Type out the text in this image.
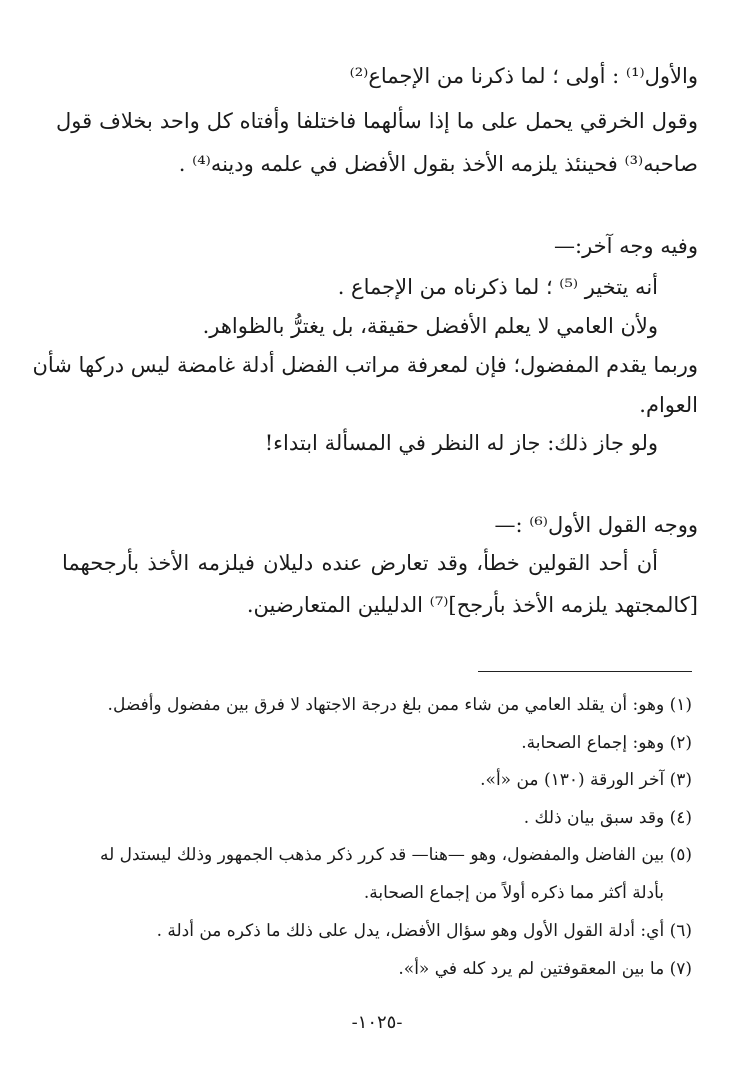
والأول⁽¹⁾ : أولى ؛ لما ذكرنا من الإجماع⁽²⁾
وقول الخرقي يحمل على ما إذا سألهما فاختلفا وأفتاه كل واحد بخلاف قول
صاحبه⁽³⁾ فحينئذ يلزمه الأخذ بقول الأفضل في علمه ودينه⁽⁴⁾ .
وفيه وجه آخر:—
أنه يتخير ⁽⁵⁾ ؛ لما ذكرناه من الإجماع .
ولأن العامي لا يعلم الأفضل حقيقة، بل يغترُّ بالظواهر.
وربما يقدم المفضول؛ فإن لمعرفة مراتب الفضل أدلة غامضة ليس دركها شأن
العوام.
ولو جاز ذلك: جاز له النظر في المسألة ابتداء!
ووجه القول الأول⁽⁶⁾ :—
أن أحد القولين خطأ، وقد تعارض عنده دليلان فيلزمه الأخذ بأرجحهما
[كالمجتهد يلزمه الأخذ بأرجح]⁽⁷⁾ الدليلين المتعارضين.
(١) وهو: أن يقلد العامي من شاء ممن بلغ درجة الاجتهاد لا فرق بين مفضول وأفضل.
(٢) وهو: إجماع الصحابة.
(٣) آخر الورقة (١٣٠) من «أ».
(٤) وقد سبق بيان ذلك .
(٥) بين الفاضل والمفضول، وهو —هنا— قد كرر ذكر مذهب الجمهور وذلك ليستدل له
بأدلة أكثر مما ذكره أولاً من إجماع الصحابة.
(٦) أي: أدلة القول الأول وهو سؤال الأفضل، يدل على ذلك ما ذكره من أدلة .
(٧) ما بين المعقوفتين لم يرد كله في «أ».
-١٠٢٥-
